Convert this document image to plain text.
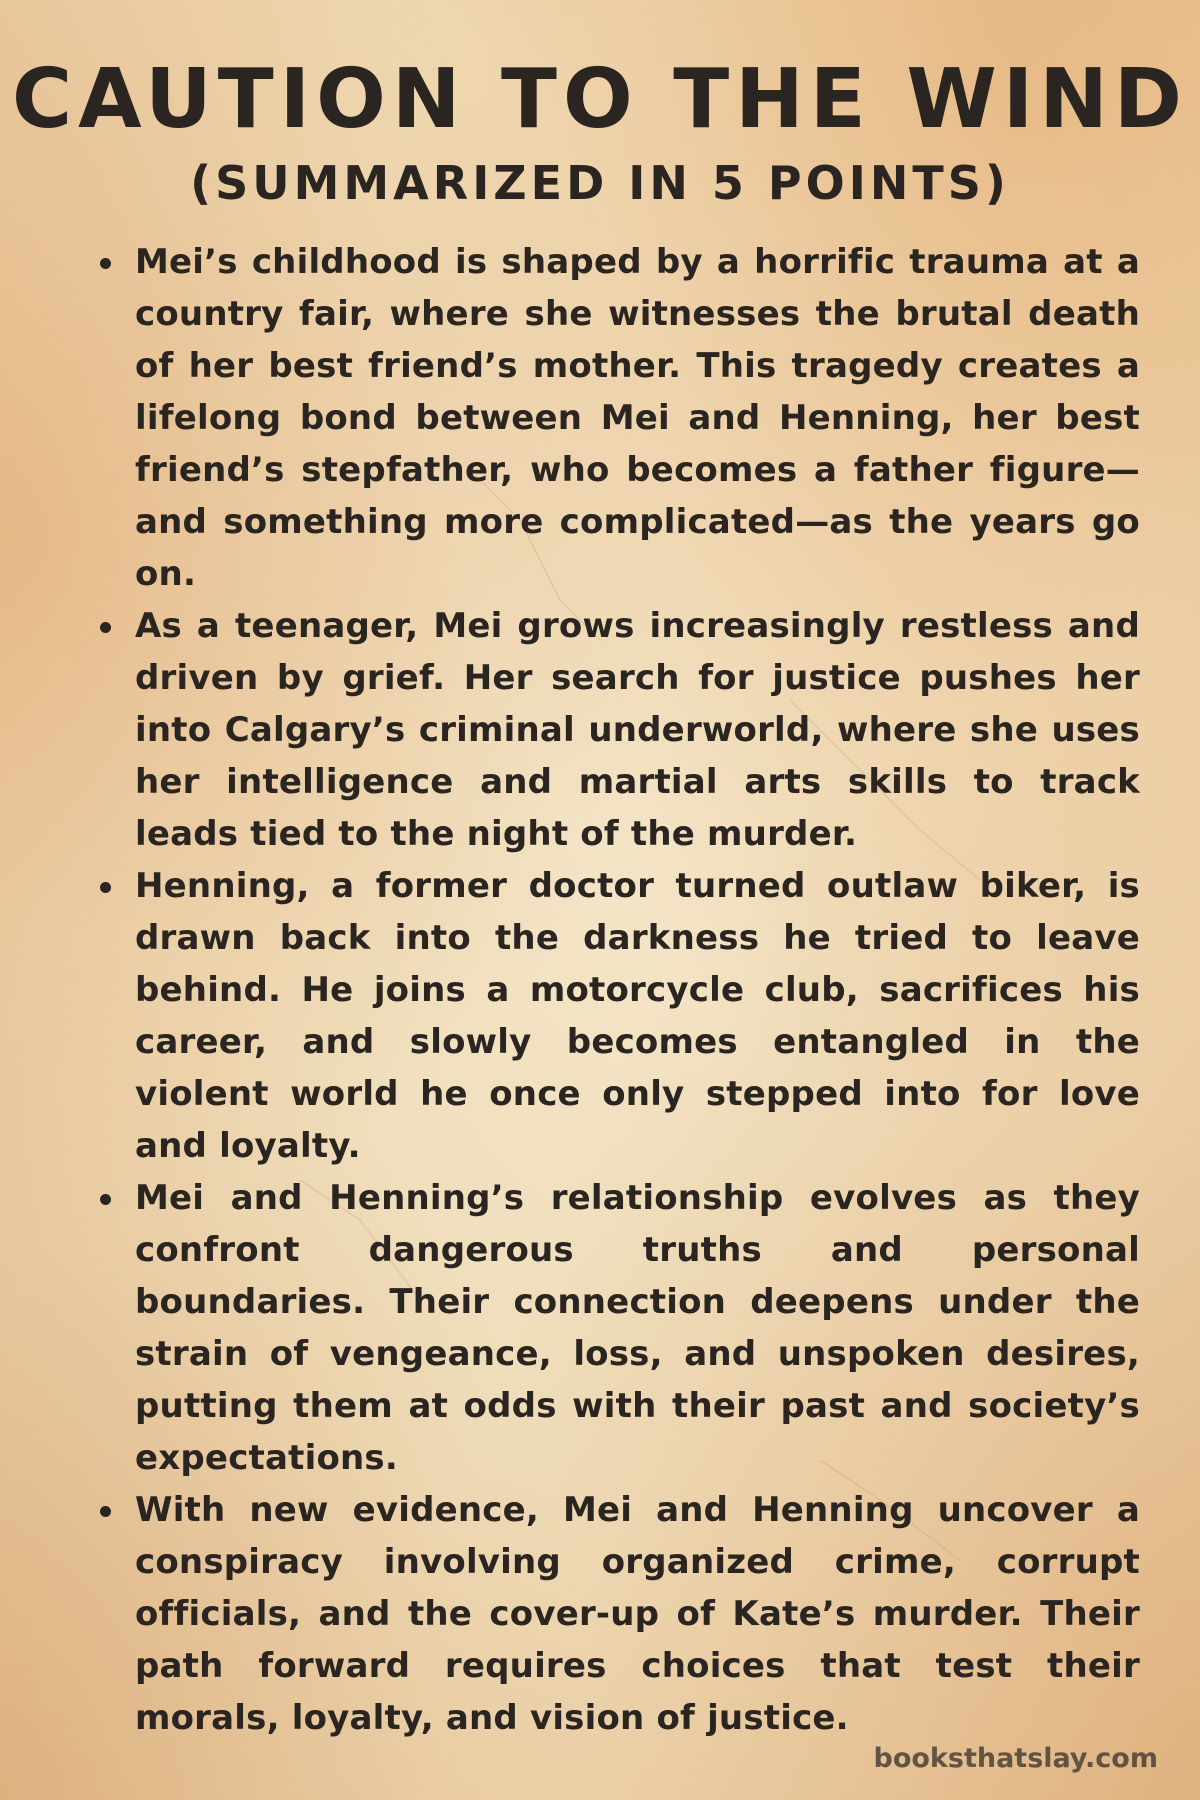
CAUTION TO THE WIND
(SUMMARIZED IN 5 POINTS)
Mei’s childhood is shaped by a horrific trauma at a country fair, where she witnesses the brutal death of her best friend’s mother. This tragedy creates a lifelong bond between Mei and Henning, her best friend’s stepfather, who becomes a father figure—and something more complicated—as the years go on.
As a teenager, Mei grows increasingly restless and driven by grief. Her search for justice pushes her into Calgary’s criminal underworld, where she uses her intelligence and martial arts skills to track leads tied to the night of the murder.
Henning, a former doctor turned outlaw biker, is drawn back into the darkness he tried to leave behind. He joins a motorcycle club, sacrifices his career, and slowly becomes entangled in the violent world he once only stepped into for love and loyalty.
Mei and Henning’s relationship evolves as they confront dangerous truths and personal boundaries. Their connection deepens under the strain of vengeance, loss, and unspoken desires, putting them at odds with their past and society’s expectations.
With new evidence, Mei and Henning uncover a conspiracy involving organized crime, corrupt officials, and the cover-up of Kate’s murder. Their path forward requires choices that test their morals, loyalty, and vision of justice.
booksthatslay.com
